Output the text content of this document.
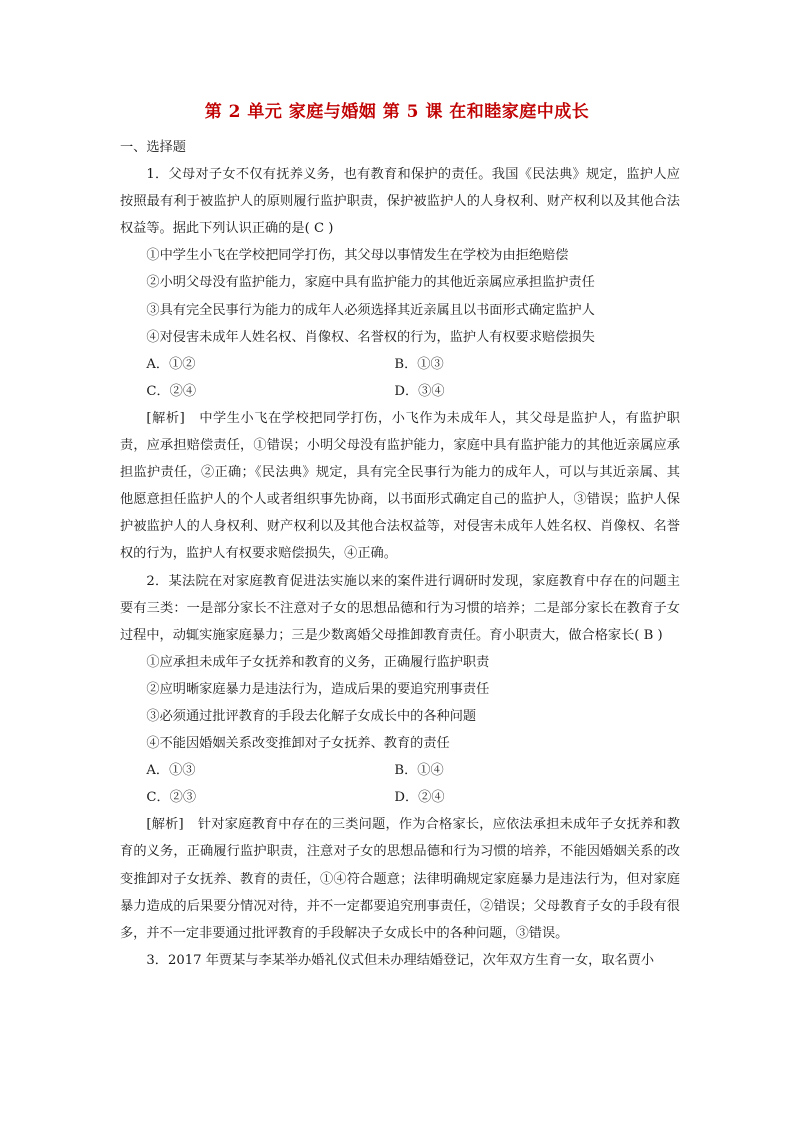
第 2 单元 家庭与婚姻 第 5 课 在和睦家庭中成长

一、选择题

1．父母对子女不仅有抚养义务，也有教育和保护的责任。我国《民法典》规定，监护人应按照最有利于被监护人的原则履行监护职责，保护被监护人的人身权利、财产权利以及其他合法权益等。据此下列认识正确的是( C )

①中学生小飞在学校把同学打伤，其父母以事情发生在学校为由拒绝赔偿

②小明父母没有监护能力，家庭中具有监护能力的其他近亲属应承担监护责任

③具有完全民事行为能力的成年人必须选择其近亲属且以书面形式确定监护人

④对侵害未成年人姓名权、肖像权、名誉权的行为，监护人有权要求赔偿损失

A．①②	B．①③
C．②④	D．③④

[解析] 中学生小飞在学校把同学打伤，小飞作为未成年人，其父母是监护人，有监护职责，应承担赔偿责任，①错误；小明父母没有监护能力，家庭中具有监护能力的其他近亲属应承担监护责任，②正确；《民法典》规定，具有完全民事行为能力的成年人，可以与其近亲属、其他愿意担任监护人的个人或者组织事先协商，以书面形式确定自己的监护人，③错误；监护人保护被监护人的人身权利、财产权利以及其他合法权益等，对侵害未成年人姓名权、肖像权、名誉权的行为，监护人有权要求赔偿损失，④正确。

2．某法院在对家庭教育促进法实施以来的案件进行调研时发现，家庭教育中存在的问题主要有三类：一是部分家长不注意对子女的思想品德和行为习惯的培养；二是部分家长在教育子女过程中，动辄实施家庭暴力；三是少数离婚父母推卸教育责任。育小职责大，做合格家长( B )

①应承担未成年子女抚养和教育的义务，正确履行监护职责

②应明晰家庭暴力是违法行为，造成后果的要追究刑事责任

③必须通过批评教育的手段去化解子女成长中的各种问题

④不能因婚姻关系改变推卸对子女抚养、教育的责任

A．①③	B．①④
C．②③	D．②④

[解析] 针对家庭教育中存在的三类问题，作为合格家长，应依法承担未成年子女抚养和教育的义务，正确履行监护职责，注意对子女的思想品德和行为习惯的培养，不能因婚姻关系的改变推卸对子女抚养、教育的责任，①④符合题意；法律明确规定家庭暴力是违法行为，但对家庭暴力造成的后果要分情况对待，并不一定都要追究刑事责任，②错误；父母教育子女的手段有很多，并不一定非要通过批评教育的手段解决子女成长中的各种问题，③错误。

3．2017 年贾某与李某举办婚礼仪式但未办理结婚登记，次年双方生育一女，取名贾小
